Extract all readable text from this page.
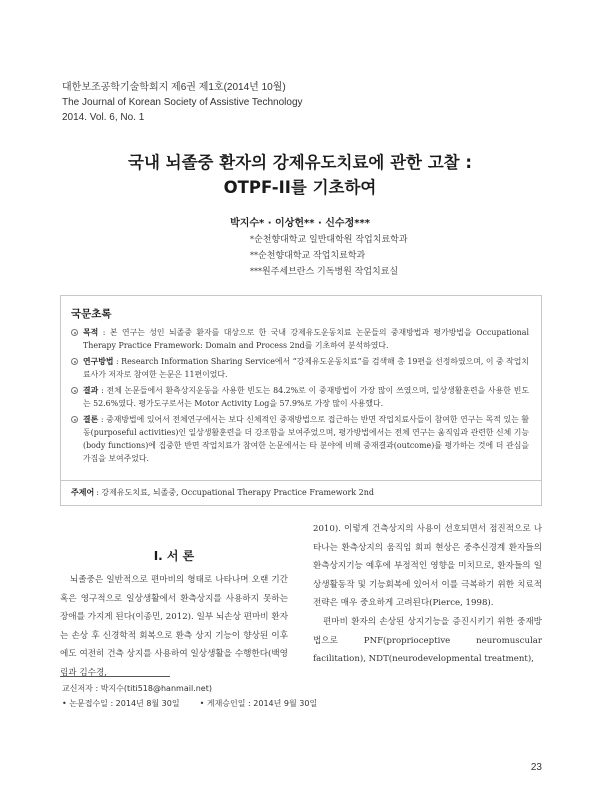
대한보조공학기술학회지 제6권 제1호(2014년 10월)
The Journal of Korean Society of Assistive Technology
2014. Vol. 6, No. 1
국내 뇌졸중 환자의 강제유도치료에 관한 고찰 :
OTPF-II를 기초하여
박지수* · 이상헌** · 신수정***
*순천향대학교 일반대학원 작업치료학과
**순천향대학교 작업치료학과
***원주세브란스 기독병원 작업치료실
국문초록
목적 : 본 연구는 성인 뇌졸중 환자를 대상으로 한 국내 강제유도운동치료 논문들의 중재방법과 평가방법을 Occupational Therapy Practice Framework: Domain and Process 2nd를 기초하여 분석하였다.
연구방법 : Research Information Sharing Service에서 “강제유도운동치료”를 검색해 총 19편을 선정하였으며, 이 중 작업치료사가 저자로 참여한 논문은 11편이었다.
결과 : 전체 논문들에서 환측상지운동을 사용한 빈도는 84.2%로 이 중재방법이 가장 많이 쓰였으며, 일상생활훈련을 사용한 빈도는 52.6%였다. 평가도구로서는 Motor Activity Log을 57.9%로 가장 많이 사용했다.
결론 : 중재방법에 있어서 전체연구에서는 보다 신체적인 중재방법으로 접근하는 반면 작업치료사들이 참여한 연구는 목적 있는 활동(purposeful activities)인 일상생활훈련을 더 강조함을 보여주었으며, 평가방법에서는 전체 연구는 움직임과 관련한 신체 기능(body functions)에 집중한 반면 작업치료가 참여한 논문에서는 타 분야에 비해 중재결과(outcome)를 평가하는 것에 더 관심을 가짐을 보여주었다.
주제어 : 강제유도치료, 뇌졸중, Occupational Therapy Practice Framework 2nd
Ⅰ. 서 론

뇌졸중은 일반적으로 편마비의 형태로 나타나며 오랜 기간 혹은 영구적으로 일상생활에서 환측상지를 사용하지 못하는 장애를 가지게 된다(이종민, 2012). 일부 뇌손상 편마비 환자는 손상 후 신경학적 회복으로 환측 상지 기능이 향상된 이후에도 여전히 건측 상지를 사용하여 일상생활을 수행한다(백영림과 김수경,

2010). 이렇게 건측상지의 사용이 선호되면서 점진적으로 나타나는 환측상지의 움직임 회피 현상은 중추신경계 환자들의 환측상지기능 예후에 부정적인 영향을 미치므로, 환자들의 일상생활동작 및 기능회복에 있어서 이를 극복하기 위한 치료적 전략은 매우 중요하게 고려된다(Pierce, 1998).

편마비 환자의 손상된 상지기능을 증진시키기 위한 중재방법으로 PNF(proprioceptive neuromuscular facilitation), NDT(neurodevelopmental treatment),

교신저자 : 박지수(titi518@hanmail.net)
• 논문접수일 : 2014년 8월 30일	• 게재승인일 : 2014년 9월 30일
23
